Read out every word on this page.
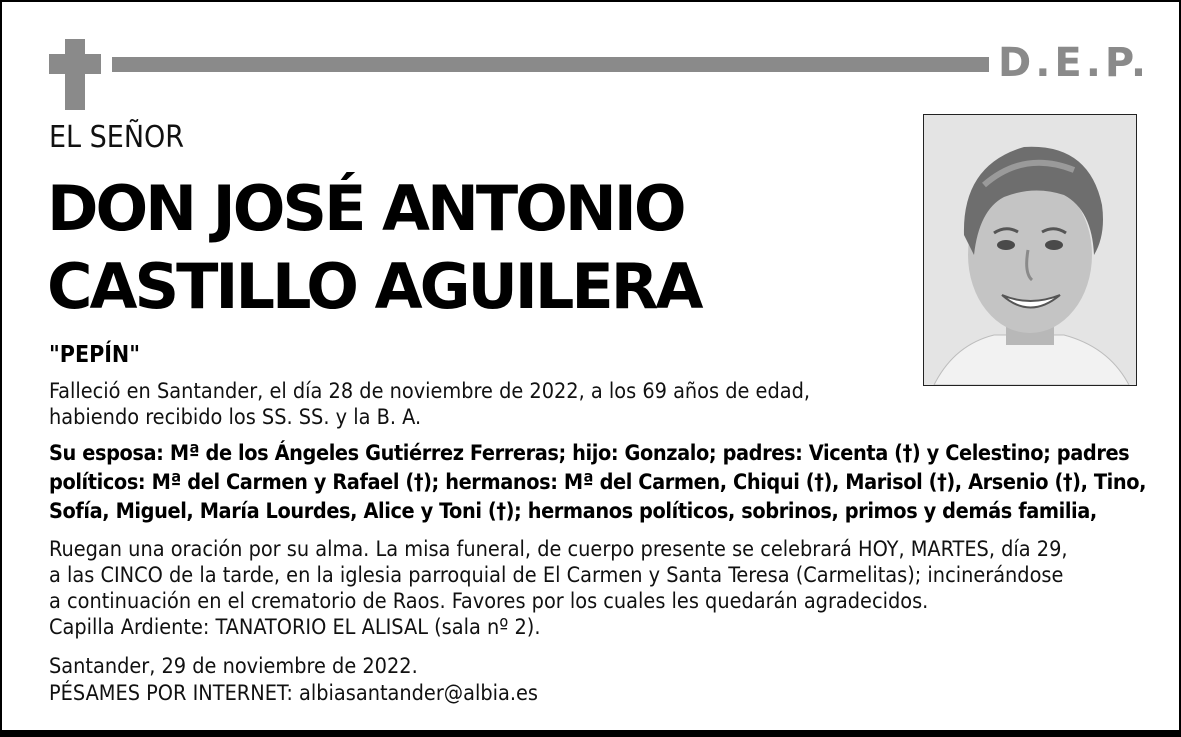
D.E.P.
EL SEÑOR
DON JOSÉ ANTONIO
CASTILLO AGUILERA
"PEPÍN"
Falleció en Santander, el día 28 de noviembre de 2022, a los 69 años de edad,
habiendo recibido los SS. SS. y la B. A.
Su esposa: Mª de los Ángeles Gutiérrez Ferreras; hijo: Gonzalo; padres: Vicenta (†) y Celestino; padres
políticos: Mª del Carmen y Rafael (†); hermanos: Mª del Carmen, Chiqui (†), Marisol (†), Arsenio (†), Tino,
Sofía, Miguel, María Lourdes, Alice y Toni (†); hermanos políticos, sobrinos, primos y demás familia,
Ruegan una oración por su alma. La misa funeral, de cuerpo presente se celebrará HOY, MARTES, día 29,
a las CINCO de la tarde, en la iglesia parroquial de El Carmen y Santa Teresa (Carmelitas); incinerándose
a continuación en el crematorio de Raos. Favores por los cuales les quedarán agradecidos.
Capilla Ardiente: TANATORIO EL ALISAL (sala nº 2).
Santander, 29 de noviembre de 2022.
PÉSAMES POR INTERNET: albiasantander@albia.es
